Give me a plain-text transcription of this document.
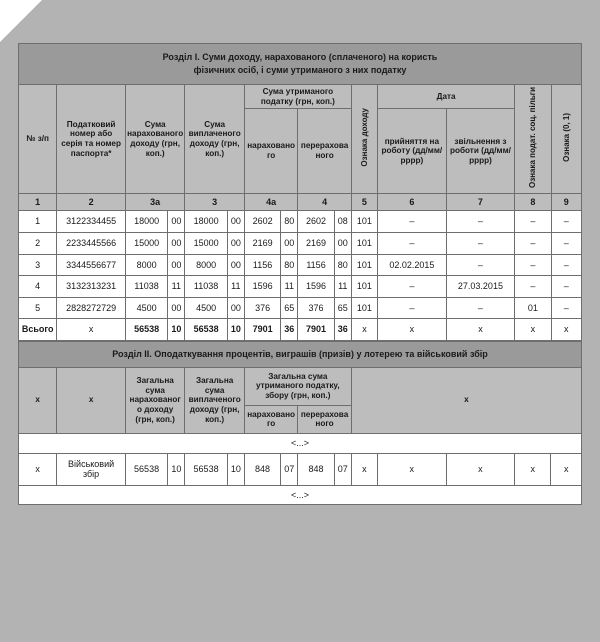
Розділ I. Суми доходу, нарахованого (сплаченого) на користь
фізичних осіб, і суми утриманого з них податку														

№ з/п	Податковий номер або серія та номер паспорта*	Сума нарахованого доходу (грн, коп.)		Сума виплаченого доходу (грн, коп.)		Сума утриманого податку (грн, коп.)				Ознака доходу	Дата		Ознака подат. соц. пільги	Ознака (0, 1)
						нарахованого		перерахованого			прийняття на роботу (дд/мм/рррр)	звільнення з роботи (дд/мм/рррр)		

1	2	3а		3		4а		4		5	6	7	8	9
1	3122334455	18000	00	18000	00	2602	80	2602	08	101	–	–	–	–
2	2233445566	15000	00	15000	00	2169	00	2169	00	101	–	–	–	–
3	3344556677	8000	00	8000	00	1156	80	1156	80	101	02.02.2015	–	–	–
4	3132313231	11038	11	11038	11	1596	11	1596	11	101	–	27.03.2015	–	–
5	2828272729	4500	00	4500	00	376	65	376	65	101	–	–	01	–
Всього	х	56538	10	56538	10	7901	36	7901	36	х	х	х	х	х
Розділ II. Оподаткування процентів, виграшів (призів) у лотерею та військовий збір														
х	х	Загальна сума нарахованого доходу (грн, коп.)		Загальна сума виплаченого доходу (грн, коп.)		Загальна сума утриманого податку, збору (грн, коп.)				х				
						нарахованого		перерахованого						

<...>														
х	Військовий збір	56538	10	56538	10	848	07	848	07	х	х	х	х	х
<...>														
